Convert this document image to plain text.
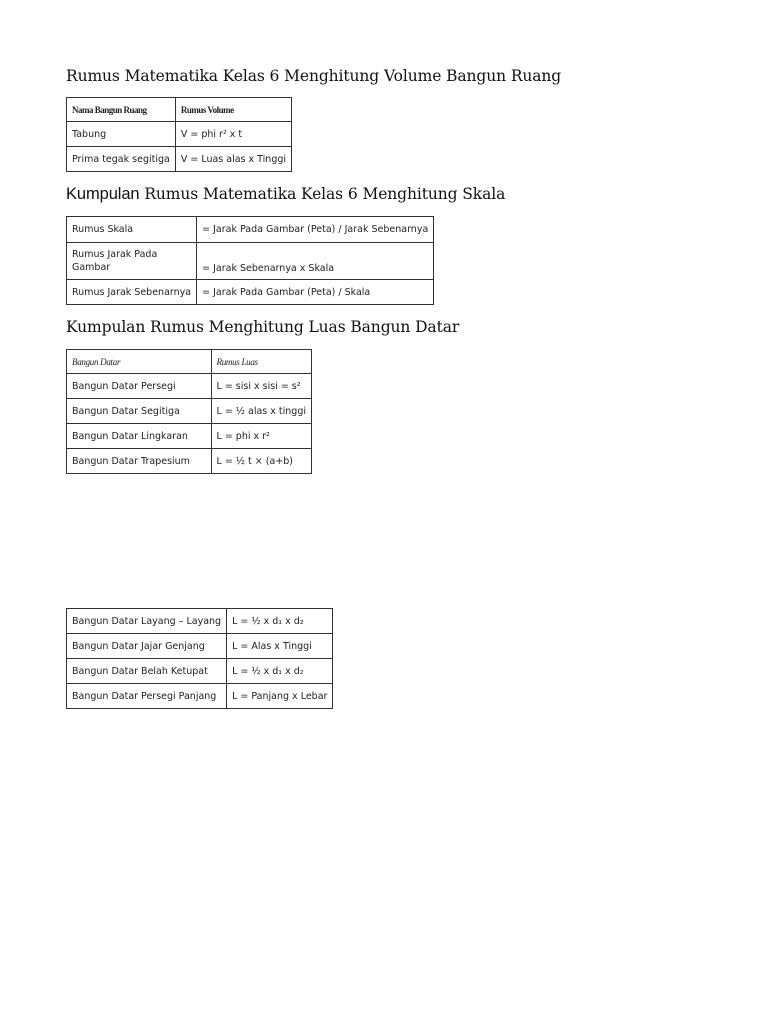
Rumus Matematika Kelas 6 Menghitung Volume Bangun Ruang
Nama Bangun Ruang	Rumus Volume
Tabung	V = phi r² x t
Prima tegak segitiga	V = Luas alas x Tinggi
Kumpulan Rumus Matematika Kelas 6 Menghitung Skala
Rumus Skala	= Jarak Pada Gambar (Peta) / Jarak Sebenarnya
Rumus Jarak Pada Gambar	= Jarak Sebenarnya x Skala
Rumus Jarak Sebenarnya	= Jarak Pada Gambar (Peta) / Skala
Kumpulan Rumus Menghitung Luas Bangun Datar
Bangun Datar	Rumus Luas
Bangun Datar Persegi	L = sisi x sisi = s²
Bangun Datar Segitiga	L = ½ alas x tinggi
Bangun Datar Lingkaran	L = phi x r²
Bangun Datar Trapesium	L = ½ t × (a+b)
Bangun Datar Layang – Layang	L = ½ x d₁ x d₂
Bangun Datar Jajar Genjang	L = Alas x Tinggi
Bangun Datar Belah Ketupat	L = ½ x d₁ x d₂
Bangun Datar Persegi Panjang	L = Panjang x Lebar
